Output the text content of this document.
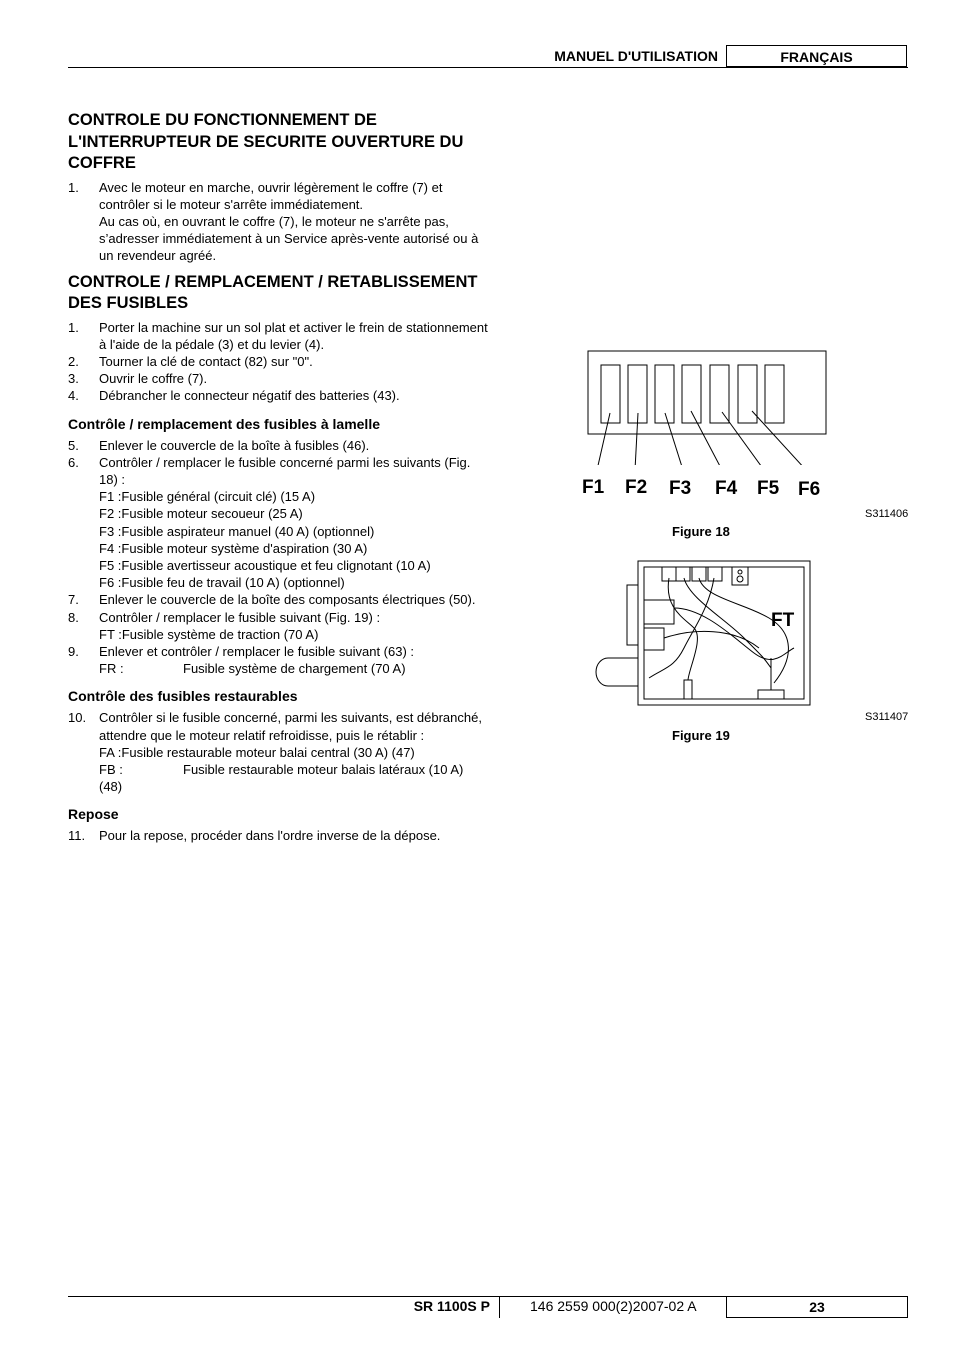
MANUEL D'UTILISATION	FRANÇAIS
CONTROLE DU FONCTIONNEMENT DE L'INTERRUPTEUR DE SECURITE OUVERTURE DU COFFRE
1.	Avec le moteur en marche, ouvrir légèrement le coffre (7) et contrôler si le moteur s'arrête immédiatement.
Au cas où, en ouvrant le coffre (7), le moteur ne s'arrête pas, s’adresser immédiatement à un Service après-vente autorisé ou à un revendeur agréé.
CONTROLE / REMPLACEMENT / RETABLISSEMENT DES FUSIBLES
1.	Porter la machine sur un sol plat et activer le frein de stationnement à l'aide de la pédale (3) et du levier (4).
2.	Tourner la clé de contact (82) sur "0".
3.	Ouvrir le coffre (7).
4.	Débrancher le connecteur négatif des batteries (43).
Contrôle / remplacement des fusibles à lamelle
5.	Enlever le couvercle de la boîte à fusibles (46).
6.	Contrôler / remplacer le fusible concerné parmi les suivants (Fig. 18) :
F1 :Fusible général (circuit clé) (15 A)
F2 :Fusible moteur secoueur (25 A)
F3 :Fusible aspirateur manuel (40 A) (optionnel)
F4 :Fusible moteur système d'aspiration (30 A)
F5 :Fusible avertisseur acoustique et feu clignotant (10 A)
F6 :Fusible feu de travail (10 A) (optionnel)
7.	Enlever le couvercle de la boîte des composants électriques (50).
8.	Contrôler / remplacer le fusible suivant (Fig. 19) :
FT :Fusible système de traction (70 A)
9.	Enlever et contrôler / remplacer le fusible suivant (63) :
FR :	Fusible système de chargement (70 A)
Contrôle des fusibles restaurables
10. Contrôler si le fusible concerné, parmi les suivants, est débranché, attendre que le moteur relatif refroidisse, puis le rétablir :
FA :Fusible restaurable moteur balai central (30 A) (47)
FB :	Fusible restaurable moteur balais latéraux (10 A) (48)
Repose
11.	Pour la repose, procéder dans l'ordre inverse de la dépose.
F1 F2 F3 F4 F5 F6
S311406
Figure 18
FT
S311407
Figure 19
SR 1100S P	146 2559 000(2)2007-02 A	23
